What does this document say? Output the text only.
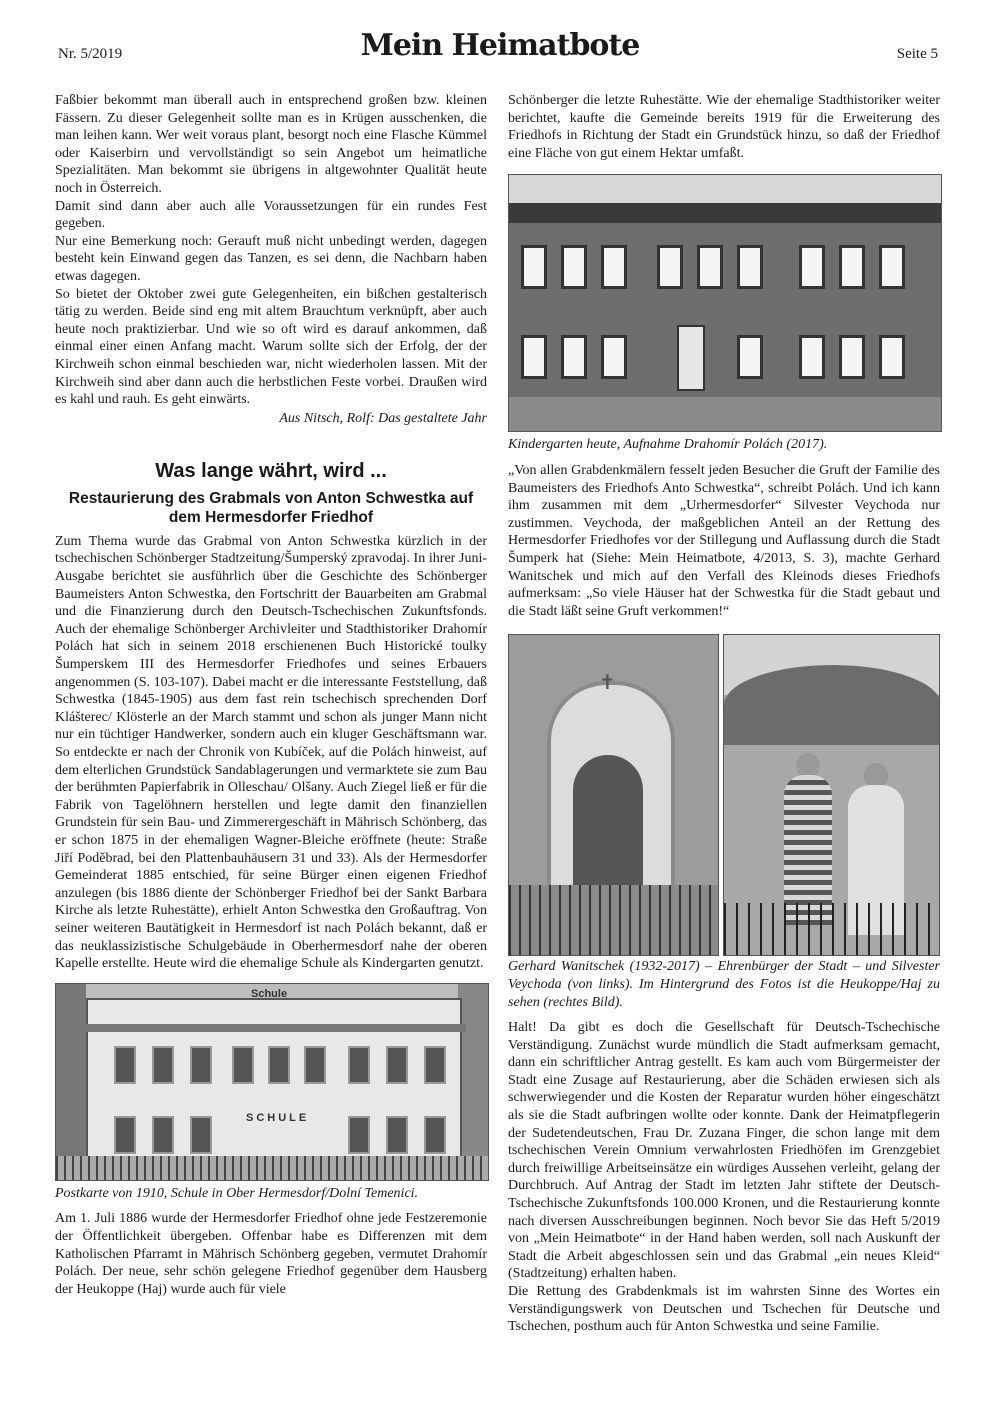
Nr. 5/2019	Mein Heimatbote	Seite 5

Faßbier bekommt man überall auch in entsprechend großen bzw. kleinen Fässern. Zu dieser Gelegenheit sollte man es in Krügen ausschenken, die man leihen kann. Wer weit voraus plant, besorgt noch eine Flasche Kümmel oder Kaiserbirn und vervollständigt so sein Angebot um heimatliche Spezialitäten. Man bekommt sie übrigens in altgewohnter Qualität heute noch in Österreich.

Damit sind dann aber auch alle Voraussetzungen für ein rundes Fest gegeben.

Nur eine Bemerkung noch: Gerauft muß nicht unbedingt werden, dagegen besteht kein Einwand gegen das Tanzen, es sei denn, die Nachbarn haben etwas dagegen.

So bietet der Oktober zwei gute Gelegenheiten, ein bißchen gestalterisch tätig zu werden. Beide sind eng mit altem Brauchtum verknüpft, aber auch heute noch praktizierbar. Und wie so oft wird es darauf ankommen, daß einmal einer einen Anfang macht. Warum sollte sich der Erfolg, der der Kirchweih schon einmal beschieden war, nicht wiederholen lassen. Mit der Kirchweih sind aber dann auch die herbstlichen Feste vorbei. Draußen wird es kahl und rauh. Es geht einwärts.

Aus Nitsch, Rolf: Das gestaltete Jahr
Was lange währt, wird ...
Restaurierung des Grabmals von Anton Schwestka auf dem Hermesdorfer Friedhof

Zum Thema wurde das Grabmal von Anton Schwestka kürzlich in der tschechischen Schönberger Stadtzeitung/Šumperský zpravodaj. In ihrer Juni-Ausgabe berichtet sie ausführlich über die Geschichte des Schönberger Baumeisters Anton Schwestka, den Fortschritt der Bauarbeiten am Grabmal und die Finanzierung durch den Deutsch-Tschechischen Zukunftsfonds. Auch der ehemalige Schönberger Archivleiter und Stadthistoriker Drahomír Polách hat sich in seinem 2018 erschienenen Buch Historické toulky Šumperskem III des Hermesdorfer Friedhofes und seines Erbauers angenommen (S. 103-107). Dabei macht er die interessante Feststellung, daß Schwestka (1845-1905) aus dem fast rein tschechisch sprechenden Dorf Klášterec/ Klösterle an der March stammt und schon als junger Mann nicht nur ein tüchtiger Handwerker, sondern auch ein kluger Geschäftsmann war. So entdeckte er nach der Chronik von Kubíček, auf die Polách hinweist, auf dem elterlichen Grundstück Sandablagerungen und vermarktete sie zum Bau der berühmten Papierfabrik in Olleschau/ Olšany. Auch Ziegel ließ er für die Fabrik von Tagelöhnern herstellen und legte damit den finanziellen Grundstein für sein Bau- und Zimmerergeschäft in Mährisch Schönberg, das er schon 1875 in der ehemaligen Wagner-Bleiche eröffnete (heute: Straße Jiří Poděbrad, bei den Plattenbauhäusern 31 und 33). Als der Hermesdorfer Gemeinderat 1885 entschied, für seine Bürger einen eigenen Friedhof anzulegen (bis 1886 diente der Schönberger Friedhof bei der Sankt Barbara Kirche als letzte Ruhestätte), erhielt Anton Schwestka den Großauftrag. Von seiner weiteren Bautätigkeit in Hermesdorf ist nach Polách bekannt, daß er das neuklassizistische Schulgebäude in Oberhermesdorf nahe der oberen Kapelle erstellte. Heute wird die ehemalige Schule als Kindergarten genutzt.

Schule
SCHULE
Postkarte von 1910, Schule in Ober Hermesdorf/Dolní Temenici.

Am 1. Juli 1886 wurde der Hermesdorfer Friedhof ohne jede Festzeremonie der Öffentlichkeit übergeben. Offenbar habe es Differenzen mit dem Katholischen Pfarramt in Mährisch Schönberg gegeben, vermutet Drahomír Polách. Der neue, sehr schön gelegene Friedhof gegenüber dem Hausberg der Heukoppe (Haj) wurde auch für viele

Schönberger die letzte Ruhestätte. Wie der ehemalige Stadthistoriker weiter berichtet, kaufte die Gemeinde bereits 1919 für die Erweiterung des Friedhofs in Richtung der Stadt ein Grundstück hinzu, so daß der Friedhof eine Fläche von gut einem Hektar umfaßt.

Kindergarten heute, Aufnahme Drahomír Polách (2017).

„Von allen Grabdenkmälern fesselt jeden Besucher die Gruft der Familie des Baumeisters des Friedhofs Anto Schwestka“, schreibt Polách. Und ich kann ihm zusammen mit dem „Urhermesdorfer“ Silvester Veychoda nur zustimmen. Veychoda, der maßgeblichen Anteil an der Rettung des Hermesdorfer Friedhofes vor der Stillegung und Auflassung durch die Stadt Šumperk hat (Siehe: Mein Heimatbote, 4/2013, S. 3), machte Gerhard Wanitschek und mich auf den Verfall des Kleinods dieses Friedhofs aufmerksam: „So viele Häuser hat der Schwestka für die Stadt gebaut und die Stadt läßt seine Gruft verkommen!“

✝
Gerhard Wanitschek (1932-2017) – Ehrenbürger der Stadt – und Silvester Veychoda (von links). Im Hintergrund des Fotos ist die Heukoppe/Haj zu sehen (rechtes Bild).

Halt! Da gibt es doch die Gesellschaft für Deutsch-Tschechische Verständigung. Zunächst wurde mündlich die Stadt aufmerksam gemacht, dann ein schriftlicher Antrag gestellt. Es kam auch vom Bürgermeister der Stadt eine Zusage auf Restaurierung, aber die Schäden erwiesen sich als schwerwiegender und die Kosten der Reparatur wurden höher eingeschätzt als sie die Stadt aufbringen wollte oder konnte. Dank der Heimatpflegerin der Sudetendeutschen, Frau Dr. Zuzana Finger, die schon lange mit dem tschechischen Verein Omnium verwahrlosten Friedhöfen im Grenzgebiet durch freiwillige Arbeitseinsätze ein würdiges Aussehen verleiht, gelang der Durchbruch. Auf Antrag der Stadt im letzten Jahr stiftete der Deutsch-Tschechische Zukunftsfonds 100.000 Kronen, und die Restaurierung konnte nach diversen Ausschreibungen beginnen. Noch bevor Sie das Heft 5/2019 von „Mein Heimatbote“ in der Hand haben werden, soll nach Auskunft der Stadt die Arbeit abgeschlossen sein und das Grabmal „ein neues Kleid“ (Stadtzeitung) erhalten haben.

Die Rettung des Grabdenkmals ist im wahrsten Sinne des Wortes ein Verständigungswerk von Deutschen und Tschechen für Deutsche und Tschechen, posthum auch für Anton Schwestka und seine Familie.
